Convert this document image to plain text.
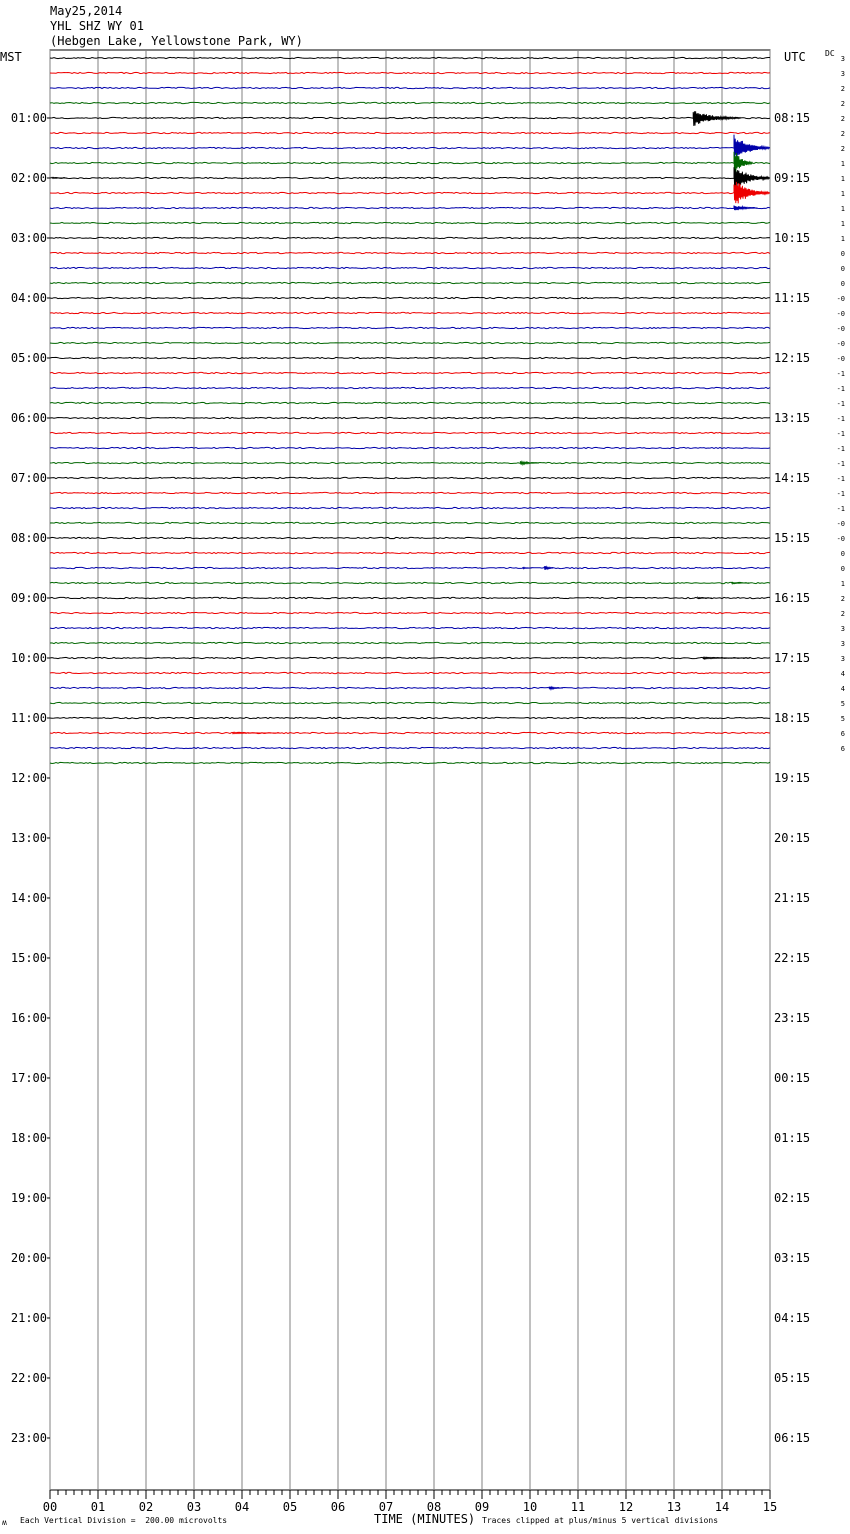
May25,2014
YHL SHZ WY 01
(Hebgen Lake, Yellowstone Park, WY)
MST	UTC DC
00	01	02	03	04	05	06	07	08	09	10	11	12	13	14	15
01:00
02:00
03:00
04:00
05:00
06:00
07:00
08:00
09:00
10:00
11:00
12:00
13:00
14:00
15:00
16:00
17:00
18:00
19:00
20:00
21:00
22:00
23:00
08:15
09:15
10:15
11:15
12:15
13:15
14:15
15:15
16:15
17:15
18:15
19:15
20:15
21:15
22:15
23:15
00:15
01:15
02:15
03:15
04:15
05:15
06:15
3
3
2
2
2
2
2
1
1
1
1
1
1
0
0
0
-0
-0
-0
-0
-0
-1
-1
-1
-1
-1
-1
-1
-1
-1
-1
-0
-0
0
0
1
2
2
3
3
3
4
4
5
5
6
6
ʍ Each Vertical Division =  200.00 microvolts	TIME (MINUTES) Traces clipped at plus/minus 5 vertical divisions
